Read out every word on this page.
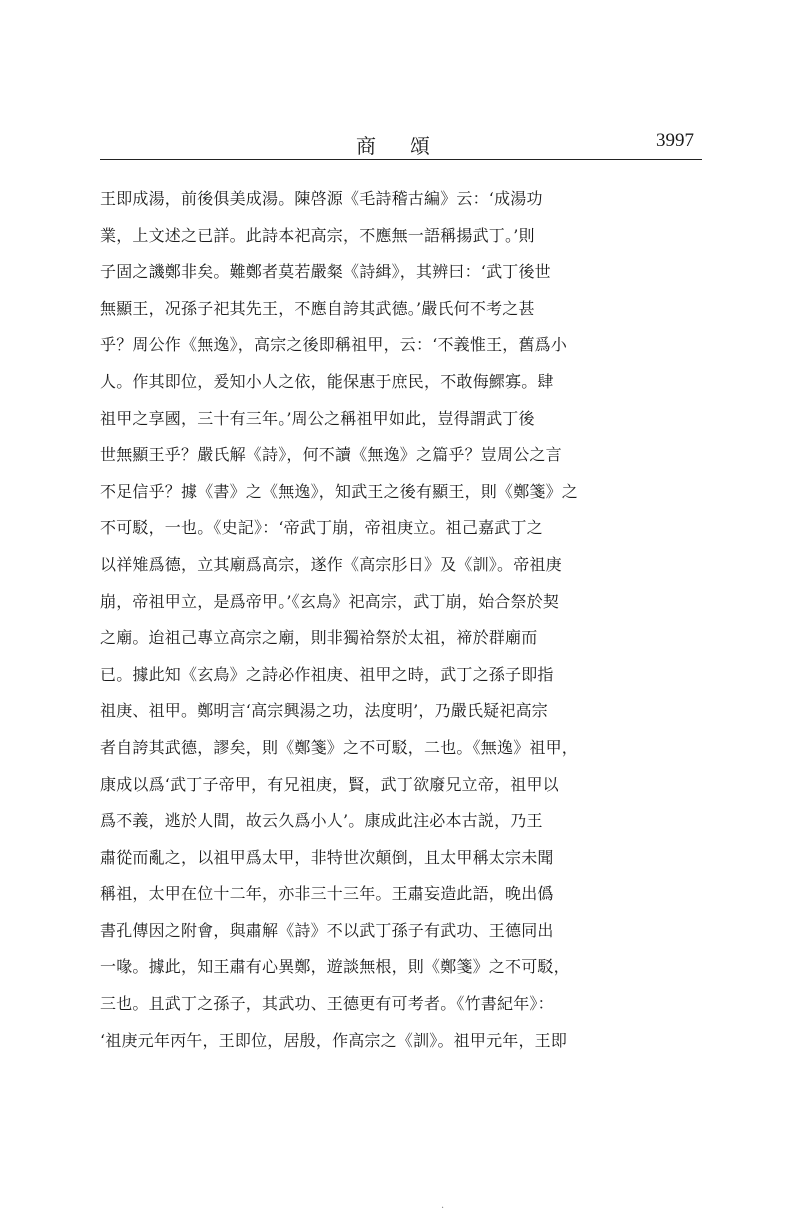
商頌	3997
王即成湯，前後俱美成湯。陳啓源《毛詩稽古編》云：‘成湯功
業，上文述之已詳。此詩本祀高宗，不應無一語稱揚武丁。’則
子固之譏鄭非矣。難鄭者莫若嚴粲《詩緝》，其辨曰：‘武丁後世
無顯王，况孫子祀其先王，不應自誇其武德。’嚴氏何不考之甚
乎？周公作《無逸》，高宗之後即稱祖甲，云：‘不義惟王，舊爲小
人。作其即位，爰知小人之依，能保惠于庶民，不敢侮鰥寡。肆
祖甲之享國，三十有三年。’周公之稱祖甲如此，豈得謂武丁後
世無顯王乎？嚴氏解《詩》，何不讀《無逸》之篇乎？豈周公之言
不足信乎？據《書》之《無逸》，知武王之後有顯王，則《鄭箋》之
不可駁，一也。《史記》：‘帝武丁崩，帝祖庚立。祖己嘉武丁之
以祥雉爲德，立其廟爲高宗，遂作《高宗肜日》及《訓》。帝祖庚
崩，帝祖甲立，是爲帝甲。’《玄鳥》祀高宗，武丁崩，始合祭於契
之廟。迨祖己專立高宗之廟，則非獨祫祭於太祖，禘於群廟而
已。據此知《玄鳥》之詩必作祖庚、祖甲之時，武丁之孫子即指
祖庚、祖甲。鄭明言‘高宗興湯之功，法度明’，乃嚴氏疑祀高宗
者自誇其武德，謬矣，則《鄭箋》之不可駁，二也。《無逸》祖甲，
康成以爲‘武丁子帝甲，有兄祖庚，賢，武丁欲廢兄立帝，祖甲以
爲不義，逃於人間，故云久爲小人’。康成此注必本古説，乃王
肅從而亂之，以祖甲爲太甲，非特世次顛倒，且太甲稱太宗未聞
稱祖，太甲在位十二年，亦非三十三年。王肅妄造此語，晚出僞
書孔傳因之附會，與肅解《詩》不以武丁孫子有武功、王德同出
一喙。據此，知王肅有心異鄭，遊談無根，則《鄭箋》之不可駁，
三也。且武丁之孫子，其武功、王德更有可考者。《竹書紀年》：
‘祖庚元年丙午，王即位，居殷，作高宗之《訓》。祖甲元年，王即
·
